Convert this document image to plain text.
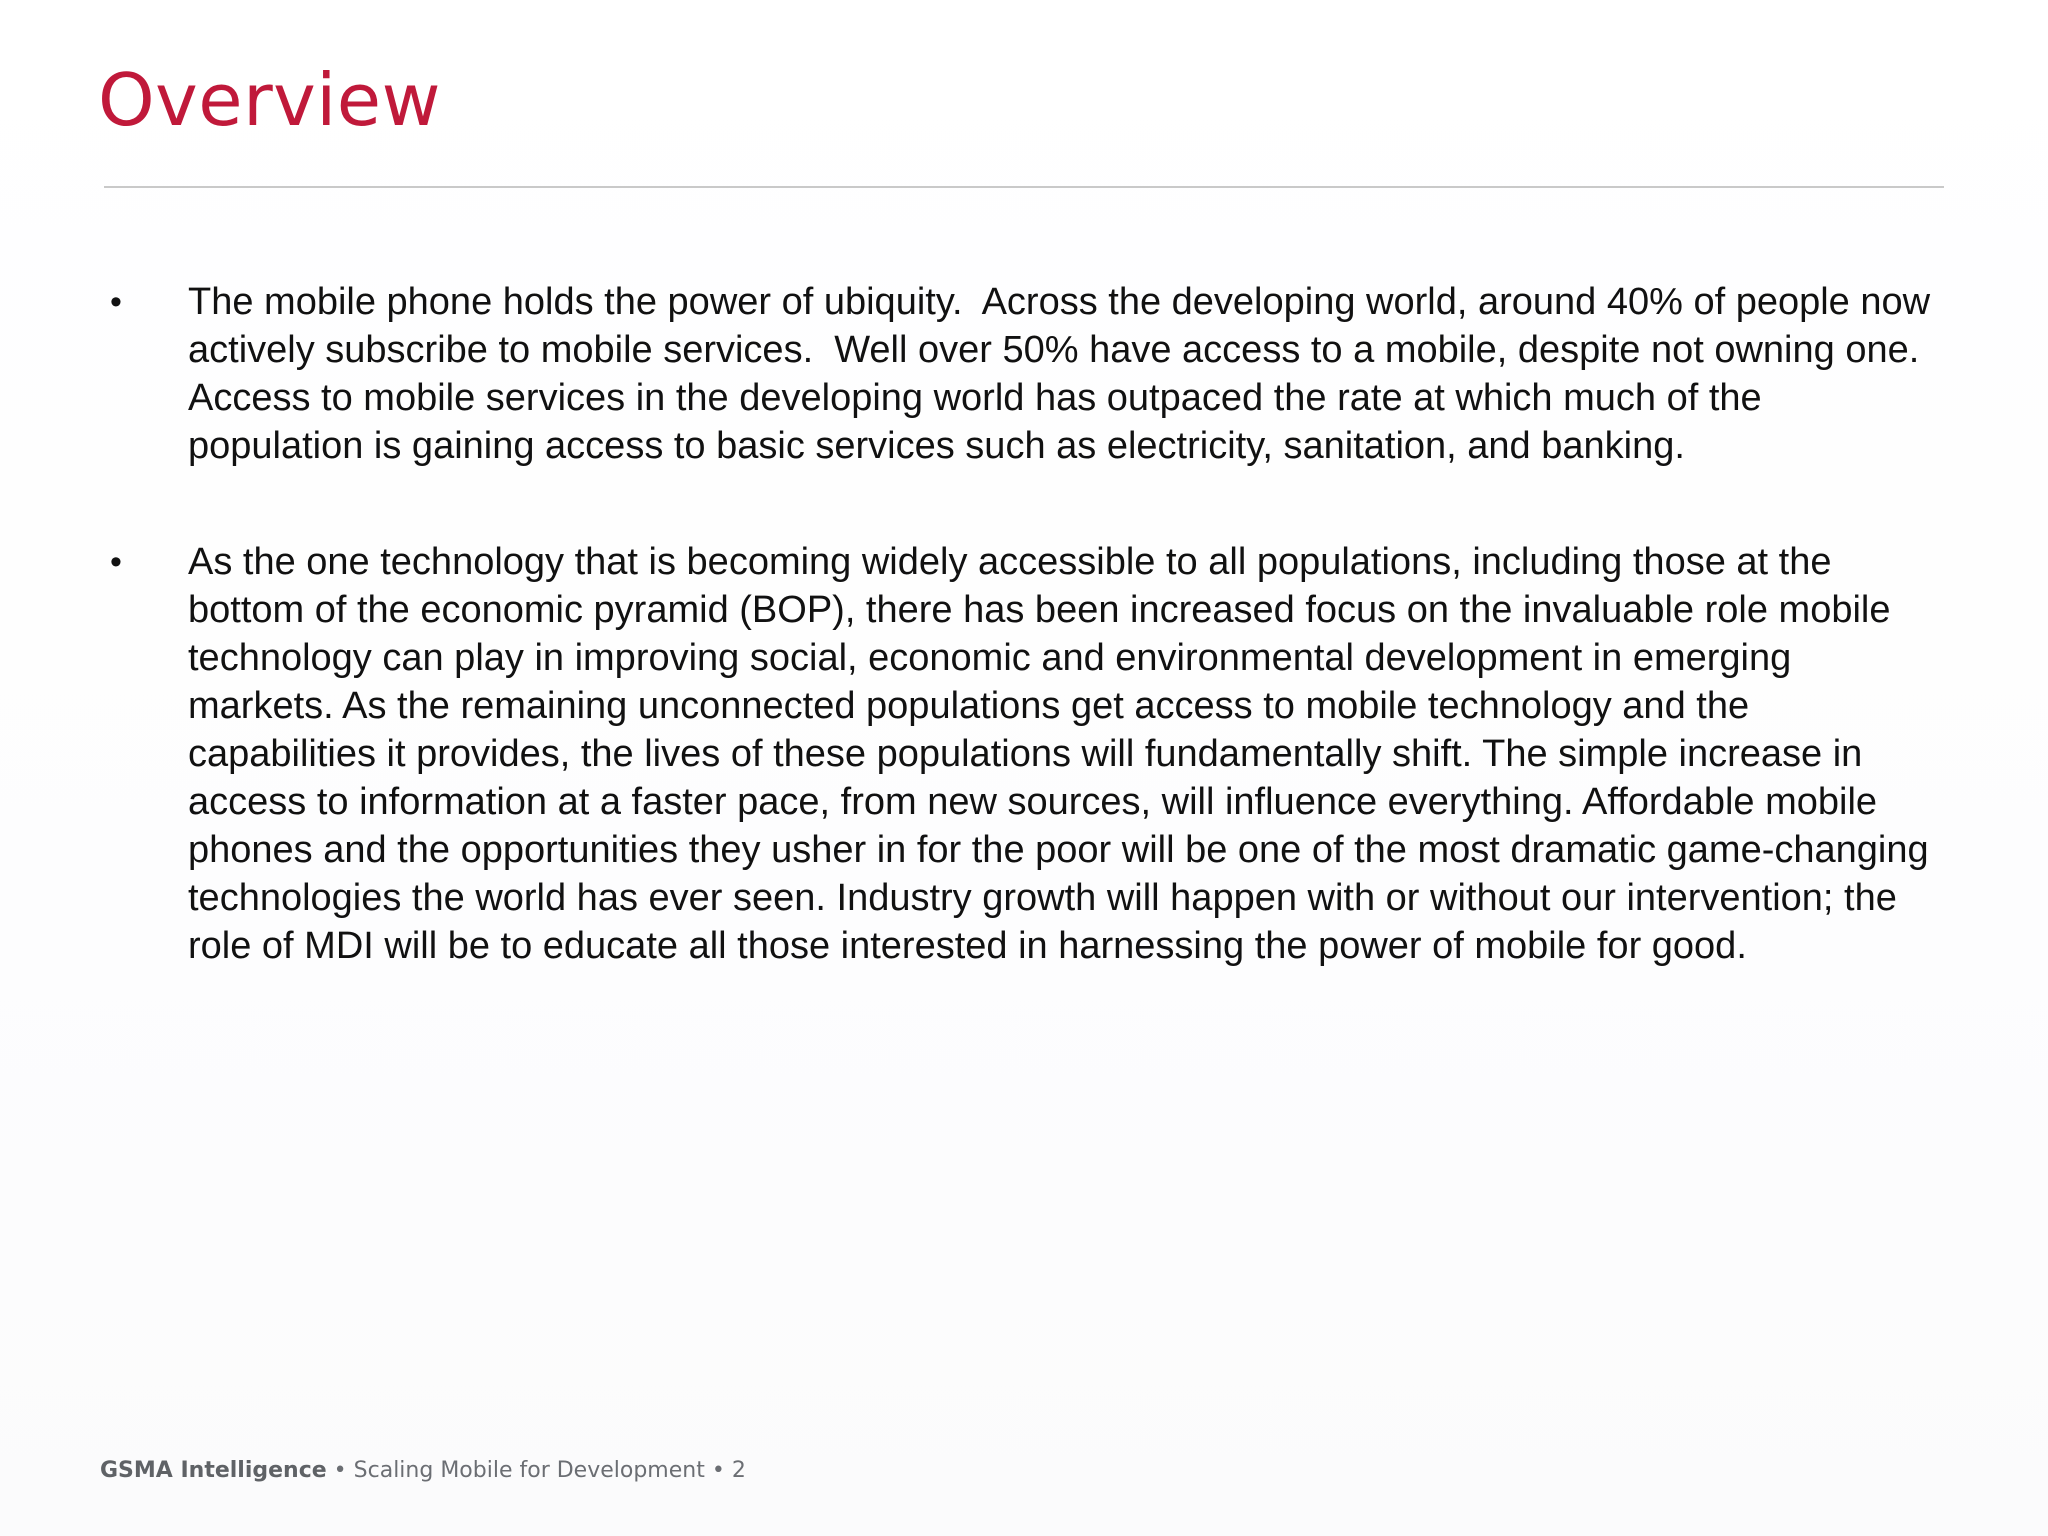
Overview
• The mobile phone holds the power of ubiquity.  Across the developing world, around 40% of people now actively subscribe to mobile services.  Well over 50% have access to a mobile, despite not owning one. Access to mobile services in the developing world has outpaced the rate at which much of the population is gaining access to basic services such as electricity, sanitation, and banking.
• As the one technology that is becoming widely accessible to all populations, including those at the bottom of the economic pyramid (BOP), there has been increased focus on the invaluable role mobile technology can play in improving social, economic and environmental development in emerging markets. As the remaining unconnected populations get access to mobile technology and the capabilities it provides, the lives of these populations will fundamentally shift. The simple increase in access to information at a faster pace, from new sources, will influence everything. Affordable mobile phones and the opportunities they usher in for the poor will be one of the most dramatic game-changing technologies the world has ever seen. Industry growth will happen with or without our intervention; the role of MDI will be to educate all those interested in harnessing the power of mobile for good.
GSMA Intelligence • Scaling Mobile for Development • 2
